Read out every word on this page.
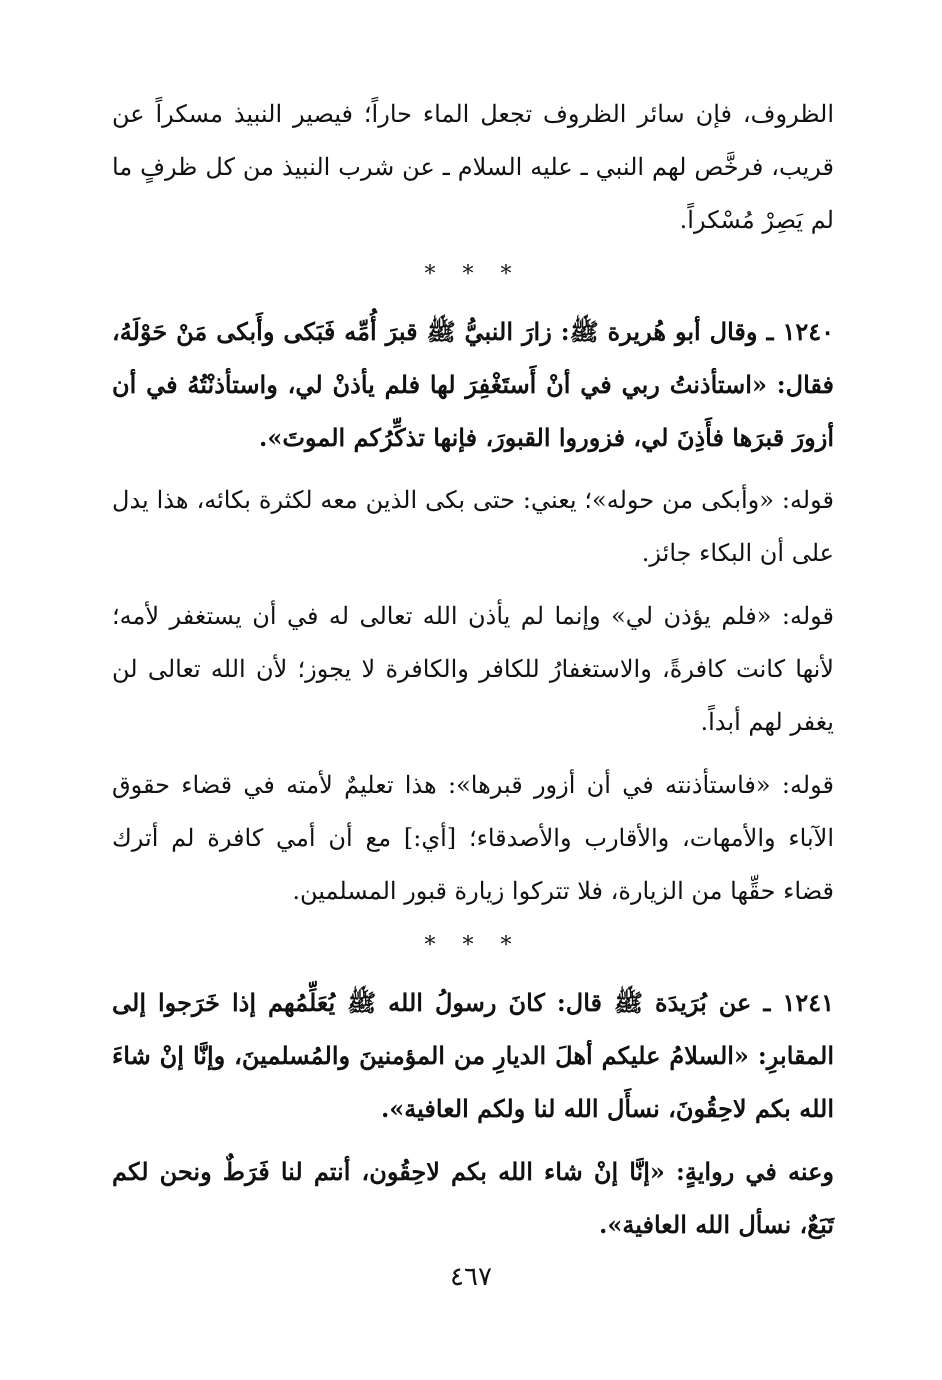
الظروف، فإن سائر الظروف تجعل الماء حاراً؛ فيصير النبيذ مسكراً عن قريب، فرخَّص لهم النبي ـ عليه السلام ـ عن شرب النبيذ من كل ظرفٍ ما لم يَصِرْ مُسْكراً.

* * *

١٢٤٠ ـ وقال أبو هُريرة ﷺ: زارَ النبيُّ ﷺ قبرَ أُمِّه فَبَكى وأَبكى مَنْ حَوْلَهُ، فقال: «استأذنتُ ربي في أنْ أَستَغْفِرَ لها فلم يأذنْ لي، واستأذنْتُهُ في أن أزورَ قبرَها فأَذِنَ لي، فزوروا القبورَ، فإنها تذكِّرُكم الموتَ».

قوله: «وأبكى من حوله»؛ يعني: حتى بكى الذين معه لكثرة بكائه، هذا يدل على أن البكاء جائز.

قوله: «فلم يؤذن لي» وإنما لم يأذن الله تعالى له في أن يستغفر لأمه؛ لأنها كانت كافرةً، والاستغفارُ للكافر والكافرة لا يجوز؛ لأن الله تعالى لن يغفر لهم أبداً.

قوله: «فاستأذنته في أن أزور قبرها»: هذا تعليمٌ لأمته في قضاء حقوق الآباء والأمهات، والأقارب والأصدقاء؛ [أي:] مع أن أمي كافرة لم أترك قضاء حقِّها من الزيارة، فلا تتركوا زيارة قبور المسلمين.

* * *

١٢٤١ ـ عن بُرَيدَة ﷺ قال: كانَ رسولُ الله ﷺ يُعَلِّمُهم إذا خَرَجوا إلى المقابرِ: «السلامُ عليكم أهلَ الديارِ من المؤمنينَ والمُسلمينَ، وإنَّا إنْ شاءَ الله بكم لاحِقُونَ، نسأَل الله لنا ولكم العافية».

وعنه في روايةٍ: «إنَّا إنْ شاء الله بكم لاحِقُون، أنتم لنا فَرَطٌ ونحن لكم تَبَعٌ، نسأل الله العافية».

٤٦٧
